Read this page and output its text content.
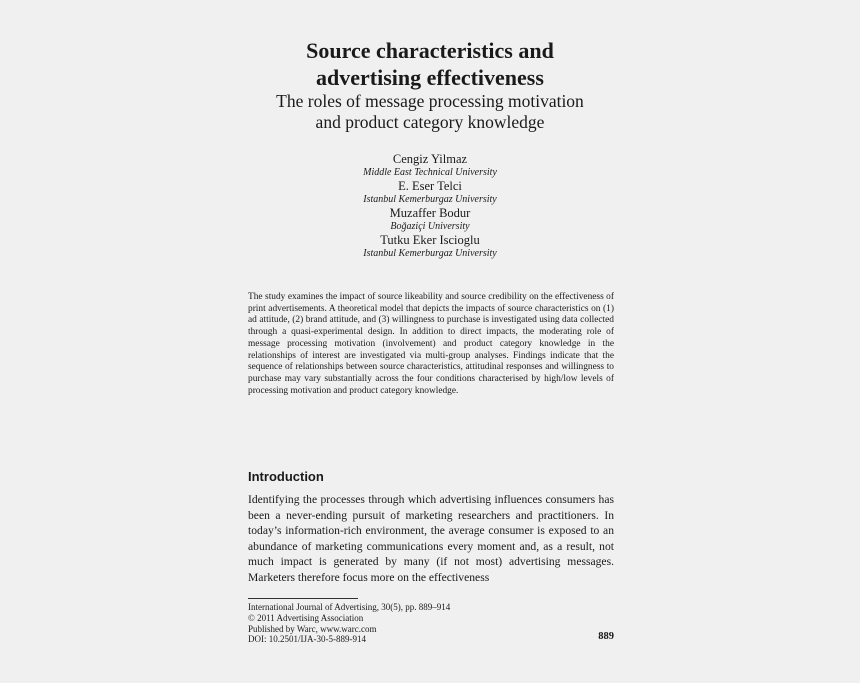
Source characteristics and
advertising effectiveness
The roles of message processing motivation
and product category knowledge
Cengiz Yilmaz
Middle East Technical University
E. Eser Telci
Istanbul Kemerburgaz University
Muzaffer Bodur
Boğaziçi University
Tutku Eker Iscioglu
Istanbul Kemerburgaz University
The study examines the impact of source likeability and source credibility on the effectiveness of print advertisements. A theoretical model that depicts the impacts of source characteristics on (1) ad attitude, (2) brand attitude, and (3) willingness to purchase is investigated using data collected through a quasi-experimental design. In addition to direct impacts, the moderating role of message processing motivation (involvement) and product category knowledge in the relationships of interest are investigated via multi-group analyses. Findings indicate that the sequence of relationships between source characteristics, attitudinal responses and willingness to purchase may vary substantially across the four conditions characterised by high/low levels of processing motivation and product category knowledge.
Introduction
Identifying the processes through which advertising influences consumers has been a never-ending pursuit of marketing researchers and practitioners. In today’s information-rich environment, the average consumer is exposed to an abundance of marketing communications every moment and, as a result, not much impact is generated by many (if not most) advertising messages. Marketers therefore focus more on the effectiveness
International Journal of Advertising, 30(5), pp. 889–914
© 2011 Advertising Association
Published by Warc, www.warc.com
DOI: 10.2501/IJA-30-5-889-914	889
